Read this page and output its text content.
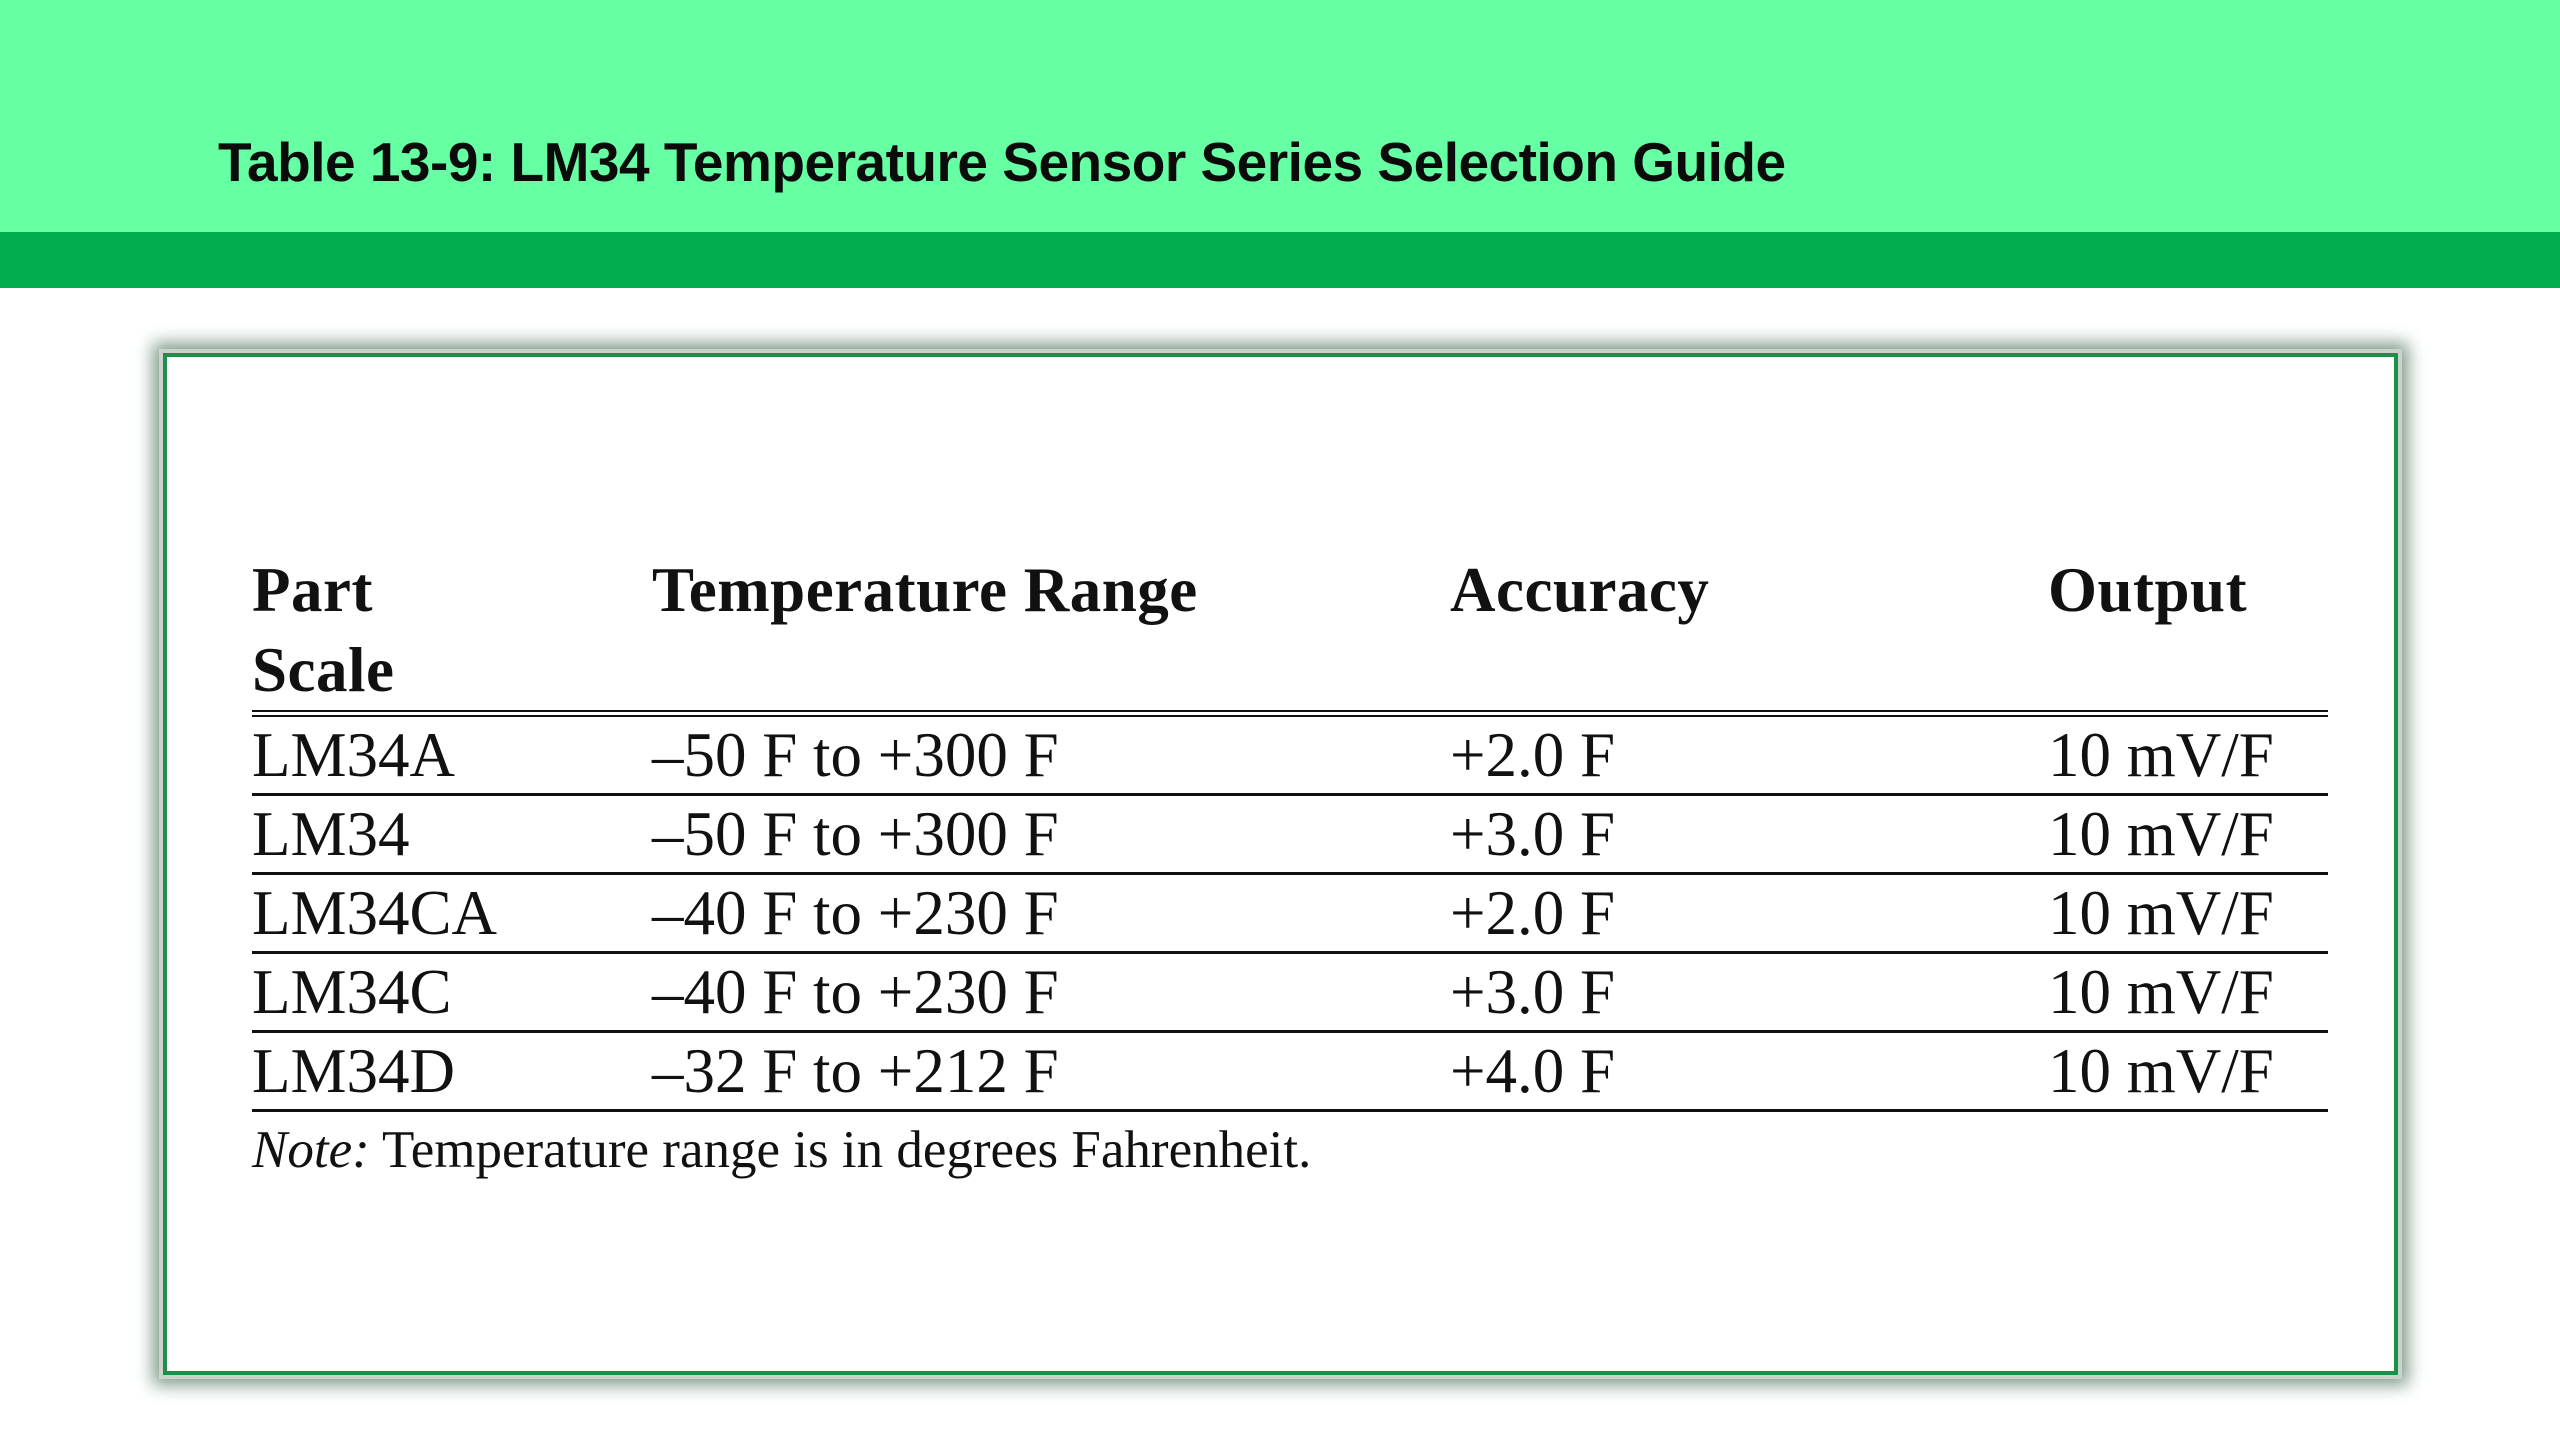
Table 13-9: LM34 Temperature Sensor Series Selection Guide
Part
Scale	Temperature Range	Accuracy	Output
LM34A	–50 F to +300 F	+2.0 F	10 mV/F
LM34	–50 F to +300 F	+3.0 F	10 mV/F
LM34CA	–40 F to +230 F	+2.0 F	10 mV/F
LM34C	–40 F to +230 F	+3.0 F	10 mV/F
LM34D	–32 F to +212 F	+4.0 F	10 mV/F
Note: Temperature range is in degrees Fahrenheit.
